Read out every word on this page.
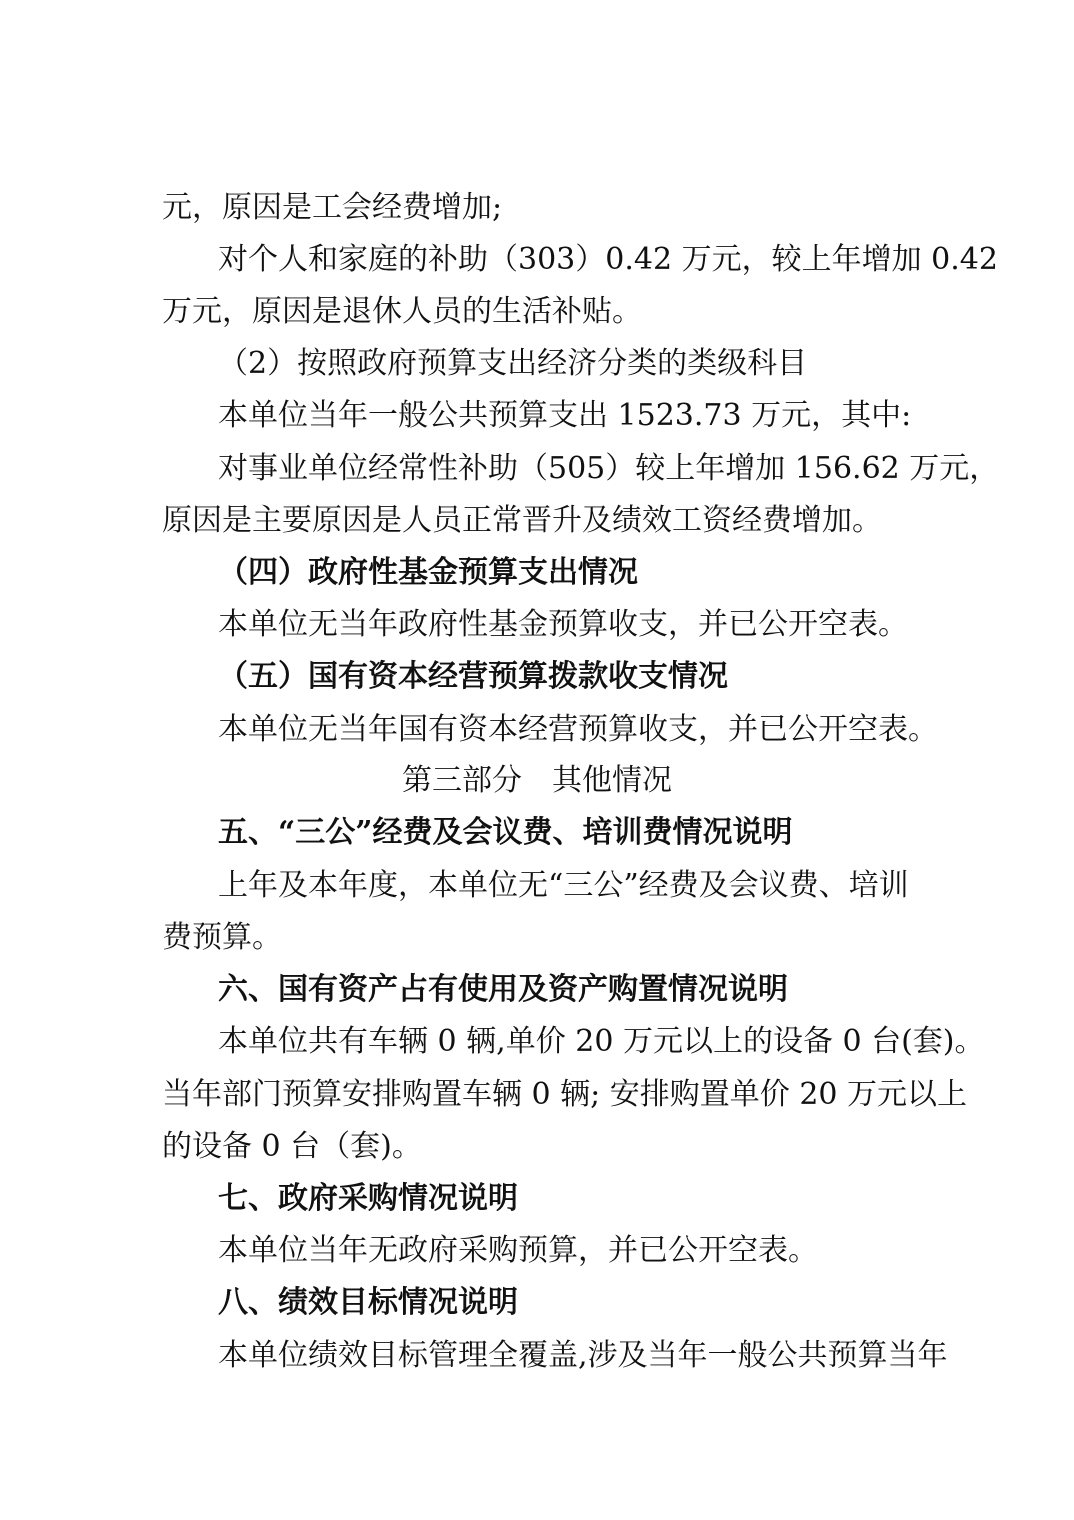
元，原因是工会经费增加;
对个人和家庭的补助（303）0.42 万元，较上年增加 0.42
万元，原因是退休人员的生活补贴。
（2）按照政府预算支出经济分类的类级科目
本单位当年一般公共预算支出 1523.73 万元，其中:
对事业单位经常性补助（505）较上年增加 156.62 万元，
原因是主要原因是人员正常晋升及绩效工资经费增加。
（四）政府性基金预算支出情况
本单位无当年政府性基金预算收支，并已公开空表。
（五）国有资本经营预算拨款收支情况
本单位无当年国有资本经营预算收支，并已公开空表。
第三部分　其他情况
五、“三公”经费及会议费、培训费情况说明
上年及本年度，本单位无“三公”经费及会议费、培训
费预算。
六、国有资产占有使用及资产购置情况说明
本单位共有车辆 0 辆,单价 20 万元以上的设备 0 台(套)。
当年部门预算安排购置车辆 0 辆; 安排购置单价 20 万元以上
的设备 0 台（套)。
七、政府采购情况说明
本单位当年无政府采购预算，并已公开空表。
八、绩效目标情况说明
本单位绩效目标管理全覆盖,涉及当年一般公共预算当年
